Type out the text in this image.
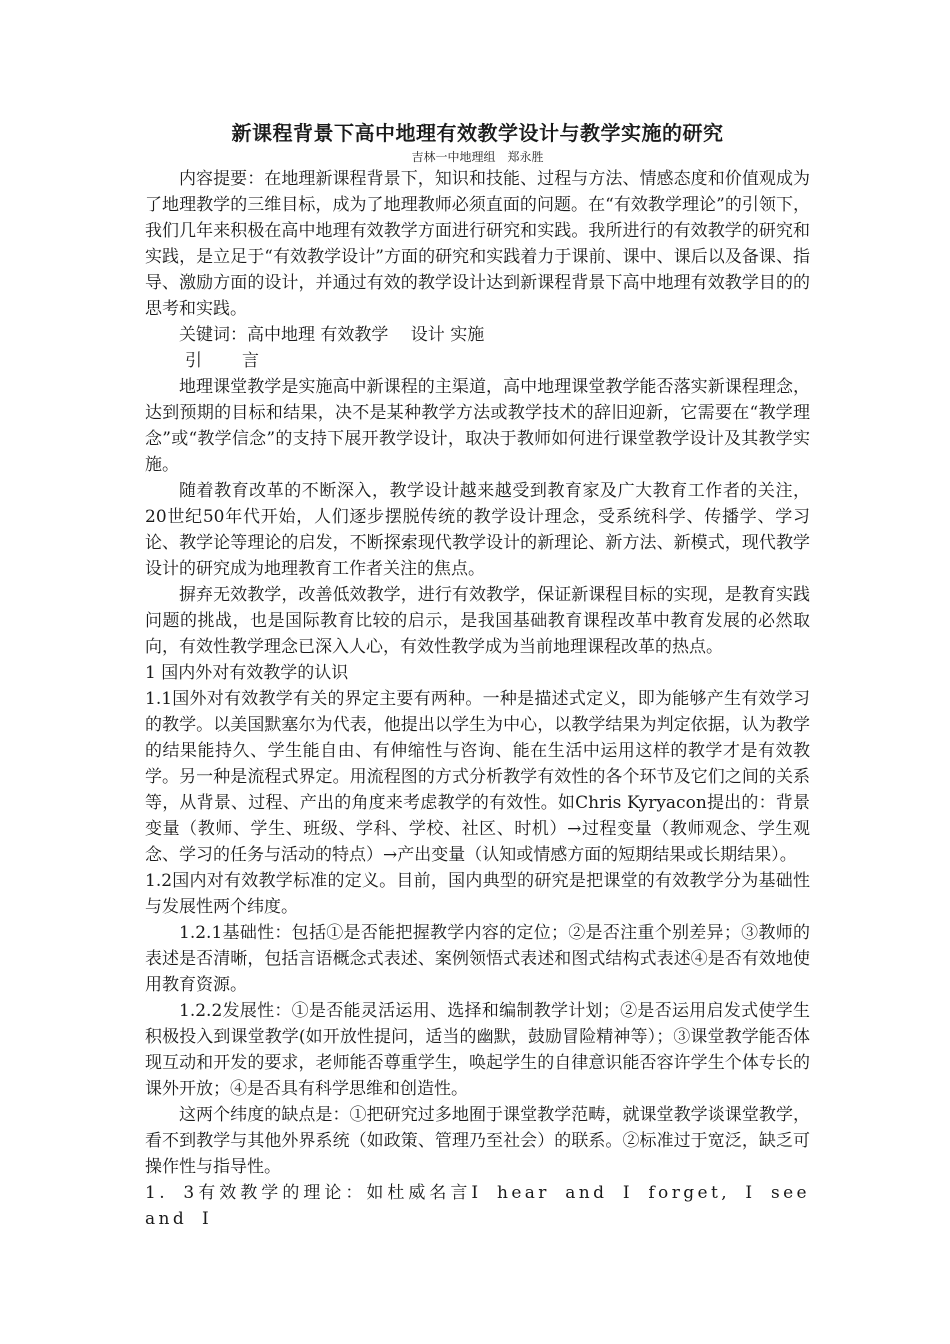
新课程背景下高中地理有效教学设计与教学实施的研究
吉林一中地理组　郑永胜

内容提要：在地理新课程背景下，知识和技能、过程与方法、情感态度和价值观成为了地理教学的三维目标，成为了地理教师必须直面的问题。在“有效教学理论”的引领下，我们几年来积极在高中地理有效教学方面进行研究和实践。我所进行的有效教学的研究和实践，是立足于“有效教学设计”方面的研究和实践着力于课前、课中、课后以及备课、指导、激励方面的设计，并通过有效的教学设计达到新课程背景下高中地理有效教学目的的思考和实践。

关键词：高中地理 有效教学　 设计 实施

引言

地理课堂教学是实施高中新课程的主渠道，高中地理课堂教学能否落实新课程理念，达到预期的目标和结果，决不是某种教学方法或教学技术的辞旧迎新，它需要在“教学理念”或“教学信念”的支持下展开教学设计，取决于教师如何进行课堂教学设计及其教学实施。

随着教育改革的不断深入，教学设计越来越受到教育家及广大教育工作者的关注，20世纪50年代开始，人们逐步摆脱传统的教学设计理念，受系统科学、传播学、学习论、教学论等理论的启发，不断探索现代教学设计的新理论、新方法、新模式，现代教学设计的研究成为地理教育工作者关注的焦点。

摒弃无效教学，改善低效教学，进行有效教学，保证新课程目标的实现，是教育实践问题的挑战，也是国际教育比较的启示，是我国基础教育课程改革中教育发展的必然取向，有效性教学理念已深入人心，有效性教学成为当前地理课程改革的热点。

1 国内外对有效教学的认识

1.1国外对有效教学有关的界定主要有两种。一种是描述式定义，即为能够产生有效学习的教学。以美国默塞尔为代表，他提出以学生为中心，以教学结果为判定依据，认为教学的结果能持久、学生能自由、有伸缩性与咨询、能在生活中运用这样的教学才是有效教学。另一种是流程式界定。用流程图的方式分析教学有效性的各个环节及它们之间的关系等，从背景、过程、产出的角度来考虑教学的有效性。如Chris Kyryacon提出的：背景变量（教师、学生、班级、学科、学校、社区、时机）→过程变量（教师观念、学生观念、学习的任务与活动的特点）→产出变量（认知或情感方面的短期结果或长期结果）。

1.2国内对有效教学标准的定义。目前，国内典型的研究是把课堂的有效教学分为基础性与发展性两个纬度。

1.2.1基础性：包括①是否能把握教学内容的定位；②是否注重个别差异；③教师的表述是否清晰，包括言语概念式表述、案例领悟式表述和图式结构式表述④是否有效地使用教育资源。

1.2.2发展性：①是否能灵活运用、选择和编制教学计划；②是否运用启发式使学生积极投入到课堂教学(如开放性提问，适当的幽默，鼓励冒险精神等）；③课堂教学能否体现互动和开发的要求，老师能否尊重学生，唤起学生的自律意识能否容许学生个体专长的课外开放；④是否具有科学思维和创造性。

这两个纬度的缺点是：①把研究过多地囿于课堂教学范畴，就课堂教学谈课堂教学，看不到教学与其他外界系统（如政策、管理乃至社会）的联系。②标准过于宽泛，缺乏可操作性与指导性。

1. 3有效教学的理论：如杜威名言I hear and I forget, I see and I
